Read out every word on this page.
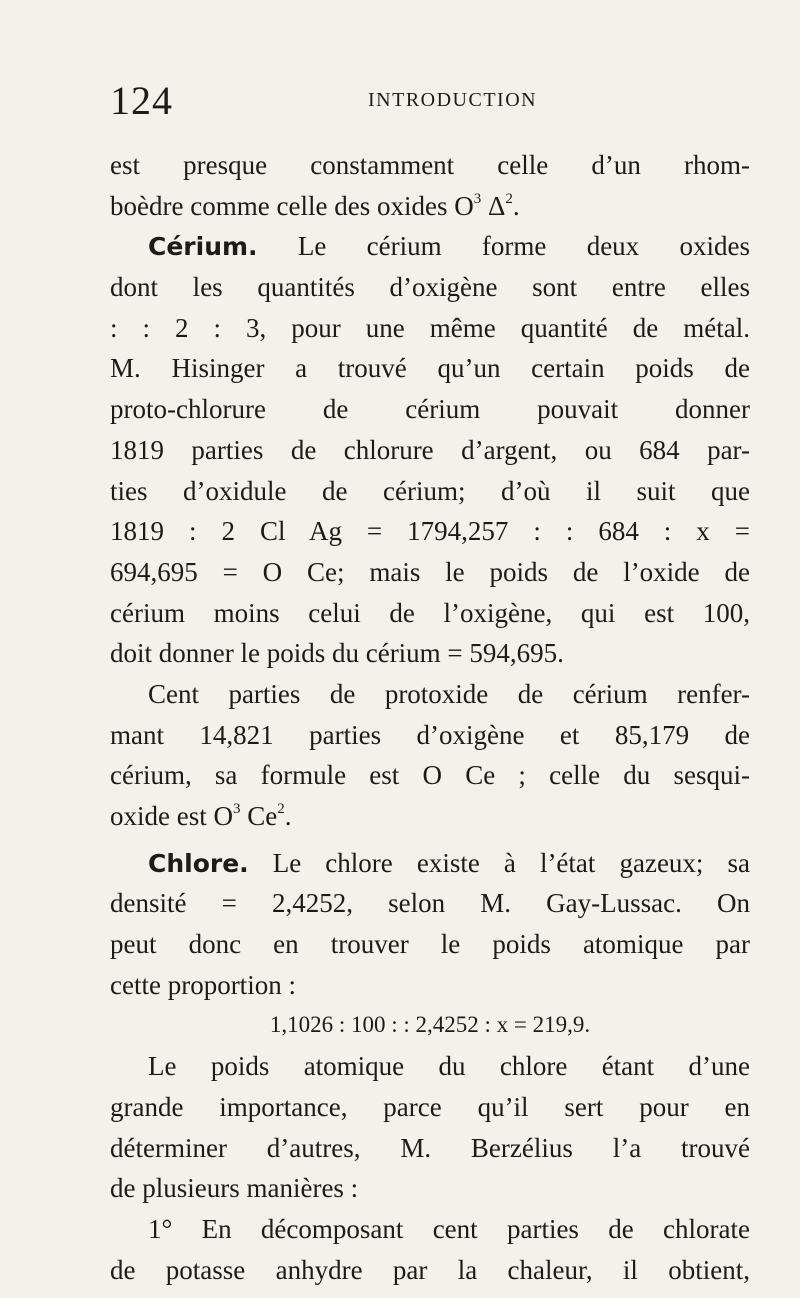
124	INTRODUCTION
est presque constamment celle d’un rhom-
boèdre comme celle des oxides $O^3$ $\Delta^2$.
Cérium. Le cérium forme deux oxides
dont les quantités d’oxigène sont entre elles
: : 2 : 3, pour une même quantité de métal.
M. Hisinger a trouvé qu’un certain poids de
proto-chlorure de cérium pouvait donner
1819 parties de chlorure d’argent, ou 684 par-
ties d’oxidule de cérium; d’où il suit que
1819 : 2 Cl Ag = 1794,257 : : 684 : x =
694,695 = O Ce; mais le poids de l’oxide de
cérium moins celui de l’oxigène, qui est 100,
doit donner le poids du cérium = 594,695.
Cent parties de protoxide de cérium renfer-
mant 14,821 parties d’oxigène et 85,179 de
cérium, sa formule est O Ce ; celle du sesqui-
oxide est $O^3$ Ce$^2$.
Chlore. Le chlore existe à l’état gazeux; sa
densité = 2,4252, selon M. Gay-Lussac. On
peut donc en trouver le poids atomique par
cette proportion :
1,1026 : 100 : : 2,4252 : x = 219,9.
Le poids atomique du chlore étant d’une
grande importance, parce qu’il sert pour en
déterminer d’autres, M. Berzélius l’a trouvé
de plusieurs manières :
1° En décomposant cent parties de chlorate
de potasse anhydre par la chaleur, il obtient,
